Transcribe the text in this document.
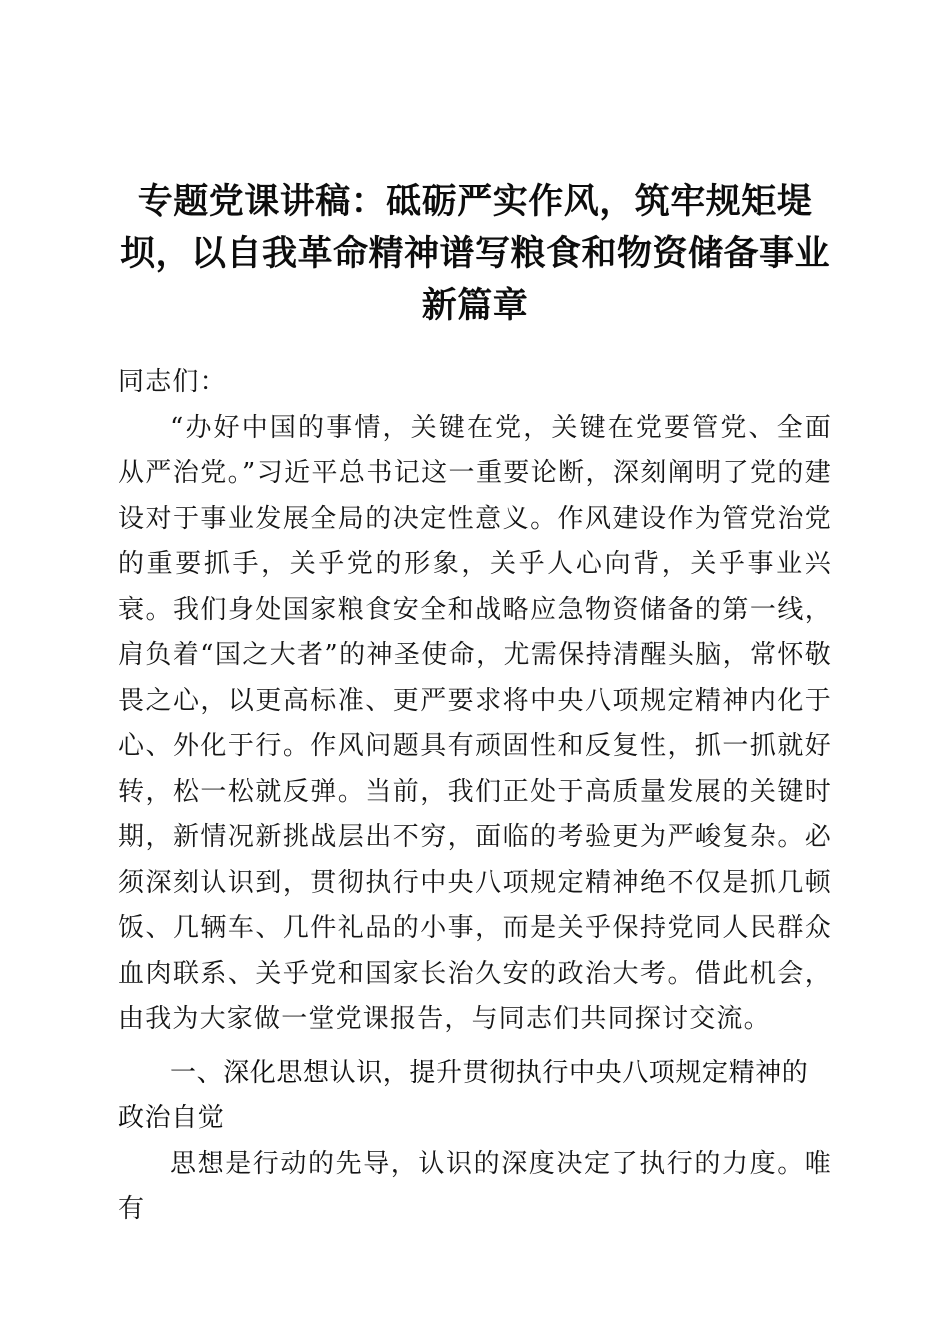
专题党课讲稿：砥砺严实作风，筑牢规矩堤坝，以自我革命精神谱写粮食和物资储备事业新篇章

同志们：

“办好中国的事情，关键在党，关键在党要管党、全面从严治党。”习近平总书记这一重要论断，深刻阐明了党的建设对于事业发展全局的决定性意义。作风建设作为管党治党的重要抓手，关乎党的形象，关乎人心向背，关乎事业兴衰。我们身处国家粮食安全和战略应急物资储备的第一线，肩负着“国之大者”的神圣使命，尤需保持清醒头脑，常怀敬畏之心，以更高标准、更严要求将中央八项规定精神内化于心、外化于行。作风问题具有顽固性和反复性，抓一抓就好转，松一松就反弹。当前，我们正处于高质量发展的关键时期，新情况新挑战层出不穷，面临的考验更为严峻复杂。必须深刻认识到，贯彻执行中央八项规定精神绝不仅是抓几顿饭、几辆车、几件礼品的小事，而是关乎保持党同人民群众血肉联系、关乎党和国家长治久安的政治大考。借此机会，由我为大家做一堂党课报告，与同志们共同探讨交流。

一、深化思想认识，提升贯彻执行中央八项规定精神的政治自觉

思想是行动的先导，认识的深度决定了执行的力度。唯有
